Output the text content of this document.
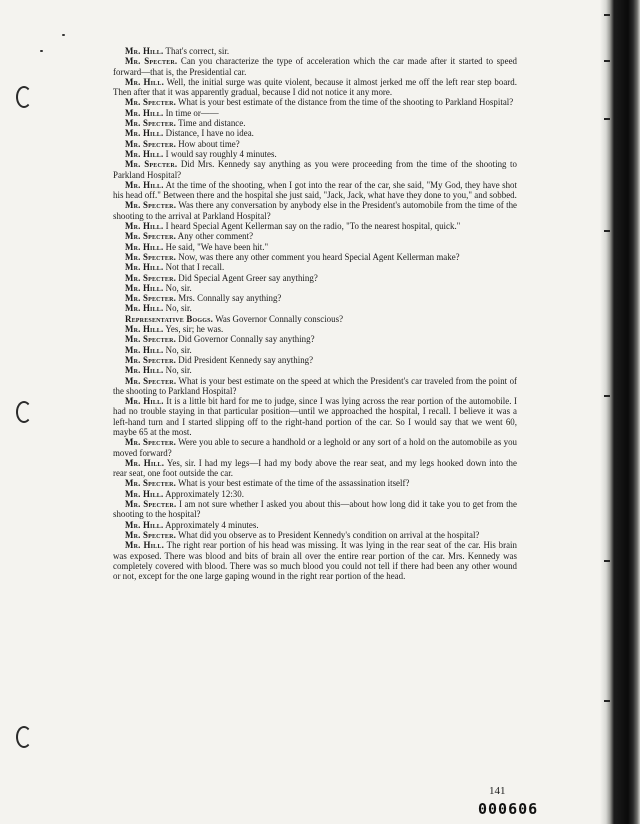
Mr. Hill. That's correct, sir.

Mr. Specter. Can you characterize the type of acceleration which the car made after it started to speed forward—that is, the Presidential car.

Mr. Hill. Well, the initial surge was quite violent, because it almost jerked me off the left rear step board. Then after that it was apparently gradual, because I did not notice it any more.

Mr. Specter. What is your best estimate of the distance from the time of the shooting to Parkland Hospital?

Mr. Hill. In time or——

Mr. Specter. Time and distance.

Mr. Hill. Distance, I have no idea.

Mr. Specter. How about time?

Mr. Hill. I would say roughly 4 minutes.

Mr. Specter. Did Mrs. Kennedy say anything as you were proceeding from the time of the shooting to Parkland Hospital?

Mr. Hill. At the time of the shooting, when I got into the rear of the car, she said, "My God, they have shot his head off." Between there and the hospital she just said, "Jack, Jack, what have they done to you," and sobbed.

Mr. Specter. Was there any conversation by anybody else in the President's automobile from the time of the shooting to the arrival at Parkland Hospital?

Mr. Hill. I heard Special Agent Kellerman say on the radio, "To the nearest hospital, quick."

Mr. Specter. Any other comment?

Mr. Hill. He said, "We have been hit."

Mr. Specter. Now, was there any other comment you heard Special Agent Kellerman make?

Mr. Hill. Not that I recall.

Mr. Specter. Did Special Agent Greer say anything?

Mr. Hill. No, sir.

Mr. Specter. Mrs. Connally say anything?

Mr. Hill. No, sir.

Representative Boggs. Was Governor Connally conscious?

Mr. Hill. Yes, sir; he was.

Mr. Specter. Did Governor Connally say anything?

Mr. Hill. No, sir.

Mr. Specter. Did President Kennedy say anything?

Mr. Hill. No, sir.

Mr. Specter. What is your best estimate on the speed at which the President's car traveled from the point of the shooting to Parkland Hospital?

Mr. Hill. It is a little bit hard for me to judge, since I was lying across the rear portion of the automobile. I had no trouble staying in that particular position—until we approached the hospital, I recall. I believe it was a left-hand turn and I started slipping off to the right-hand portion of the car. So I would say that we went 60, maybe 65 at the most.

Mr. Specter. Were you able to secure a handhold or a leghold or any sort of a hold on the automobile as you moved forward?

Mr. Hill. Yes, sir. I had my legs—I had my body above the rear seat, and my legs hooked down into the rear seat, one foot outside the car.

Mr. Specter. What is your best estimate of the time of the assassination itself?

Mr. Hill. Approximately 12:30.

Mr. Specter. I am not sure whether I asked you about this—about how long did it take you to get from the shooting to the hospital?

Mr. Hill. Approximately 4 minutes.

Mr. Specter. What did you observe as to President Kennedy's condition on arrival at the hospital?

Mr. Hill. The right rear portion of his head was missing. It was lying in the rear seat of the car. His brain was exposed. There was blood and bits of brain all over the entire rear portion of the car. Mrs. Kennedy was completely covered with blood. There was so much blood you could not tell if there had been any other wound or not, except for the one large gaping wound in the right rear portion of the head.

141
000606
